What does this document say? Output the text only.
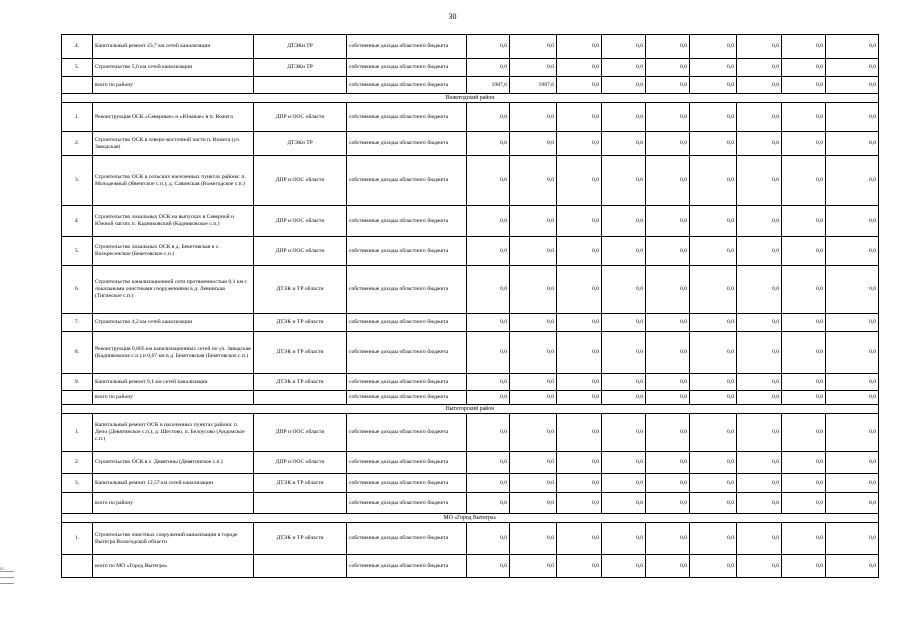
30
Ⅲ.
4.	Капитальный ремонт 23,7 км сетей канализации	ДТЭКи ТР	собственные доходы областного бюджета	0,0	0,0	0,0	0,0	0,0	0,0	0,0	0,0	0,0
5.	Строительство 5,6 км сетей канализации	ДТЭКи ТР	собственные доходы областного бюджета	0,0	0,0	0,0	0,0	0,0	0,0	0,0	0,0	0,0
	всего по району		собственные доходы областного бюджета	1987,6	1987,6	0,0	0,0	0,0	0,0	0,0	0,0	0,0
Вожегодский район												
1.	Реконструкция ОСК «Северные» и «Южные» в п. Вожега	ДПР и ООС области	собственные доходы областного бюджета	0,0	0,0	0,0	0,0	0,0	0,0	0,0	0,0	0,0
2.	Строительство ОСК в северо-восточной части п. Вожега (ул. Заводская)	ДТЭКи ТР	собственные доходы областного бюджета	0,0	0,0	0,0	0,0	0,0	0,0	0,0	0,0	0,0
3.	Строительство ОСК в сельских населенных пунктах района: п. Молодежный (Явенгское с.п.), д. Савинская (Вожегодское с.п.)	ДПР и ООС области	собственные доходы областного бюджета	0,0	0,0	0,0	0,0	0,0	0,0	0,0	0,0	0,0
4.	Строительство локальных ОСК на выпусках в Северной и Южной частях п. Кадниковский (Кадниковское с.п.)	ДПР и ООС области	собственные доходы областного бюджета	0,0	0,0	0,0	0,0	0,0	0,0	0,0	0,0	0,0
5.	Строительство локальных ОСК в д. Бекетовская и с. Воскресенское (Бекетовское с.п.)	ДПР и ООС области	собственные доходы областного бюджета	0,0	0,0	0,0	0,0	0,0	0,0	0,0	0,0	0,0
6.	Строительство канализационной сети протяженностью 0,1 км с локальными очистными сооружениями в д. Левинская (Тигинское с.п.)	ДТЭК и ТР области	собственные доходы областного бюджета	0,0	0,0	0,0	0,0	0,0	0,0	0,0	0,0	0,0
7.	Строительство 4,2 км сетей канализации	ДТЭК и ТР области	собственные доходы областного бюджета	0,0	0,0	0,0	0,0	0,0	0,0	0,0	0,0	0,0
8.	Реконструкция 0,805 км канализационных сетей по ул. Заводская (Кадниковское с.п.) и 0,67 км в д. Бекетовская (Бекетовское с.п.)	ДТЭК и ТР области	собственные доходы областного бюджета	0,0	0,0	0,0	0,0	0,0	0,0	0,0	0,0	0,0
9.	Капитальный ремонт 9,1 км сетей канализации	ДТЭК и ТР области	собственные доходы областного бюджета	0,0	0,0	0,0	0,0	0,0	0,0	0,0	0,0	0,0
	всего по району		собственные доходы областного бюджета	0,0	0,0	0,0	0,0	0,0	0,0	0,0	0,0	0,0
Вытегорский район												
1.	Капитальный ремонт ОСК в населенных пунктах района: п. Депо (Девятинское с.п.), д. Шестово, п. Белоусово (Андомское с.п.)	ДПР и ООС области	собственные доходы областного бюджета	0,0	0,0	0,0	0,0	0,0	0,0	0,0	0,0	0,0
2.	Строительство ОСК в с. Девятины (Девятинское с.п.)	ДПР и ООС области	собственные доходы областного бюджета	0,0	0,0	0,0	0,0	0,0	0,0	0,0	0,0	0,0
3.	Капитальный ремонт 12,57 км сетей канализации	ДТЭК и ТР области	собственные доходы областного бюджета	0,0	0,0	0,0	0,0	0,0	0,0	0,0	0,0	0,0
	всего по району		собственные доходы областного бюджета	0,0	0,0	0,0	0,0	0,0	0,0	0,0	0,0	0,0
МО «Город Вытегра»												
1.	Строительство очистных сооружений канализации в городе Вытегра Вологодской области	ДТЭК и ТР области	собственные доходы областного бюджета	0,0	0,0	0,0	0,0	0,0	0,0	0,0	0,0	0,0
	всего по МО «Город Вытегра»		собственные доходы областного бюджета	0,0	0,0	0,0	0,0	0,0	0,0	0,0	0,0	0,0
